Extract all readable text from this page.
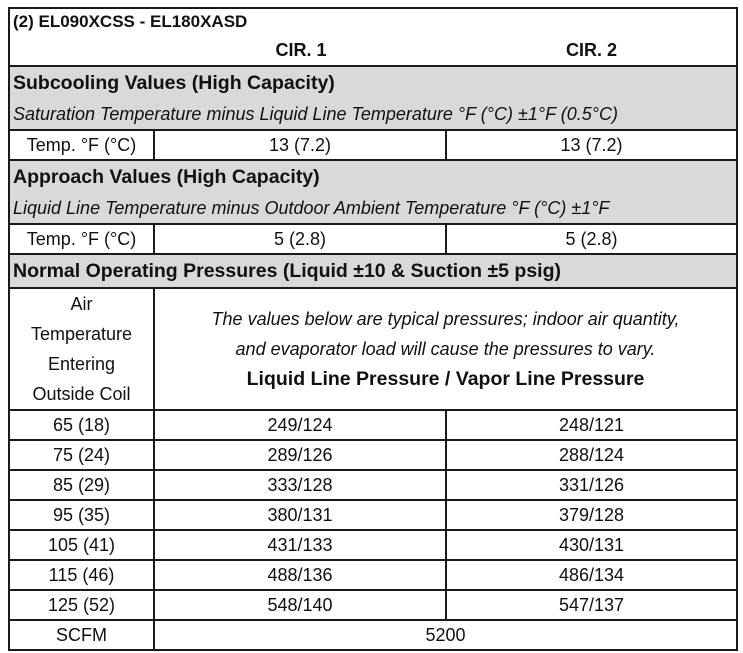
(2) EL090XCSS - EL180XASD
CIR. 1	CIR. 2
Subcooling Values (High Capacity)
Saturation Temperature minus Liquid Line Temperature °F (°C) ±1°F (0.5°C)
Temp. °F (°C)	13 (7.2)	13 (7.2)
Approach Values (High Capacity)
Liquid Line Temperature minus Outdoor Ambient Temperature °F (°C) ±1°F
Temp. °F (°C)	5 (2.8)	5 (2.8)
Normal Operating Pressures (Liquid ±10 & Suction ±5 psig)
Air
Temperature
Entering
Outside Coil
The values below are typical pressures; indoor air quantity,
and evaporator load will cause the pressures to vary.
Liquid Line Pressure / Vapor Line Pressure
65 (18)	249/124	248/121
75 (24)	289/126	288/124
85 (29)	333/128	331/126
95 (35)	380/131	379/128
105 (41)	431/133	430/131
115 (46)	488/136	486/134
125 (52)	548/140	547/137
SCFM	5200
